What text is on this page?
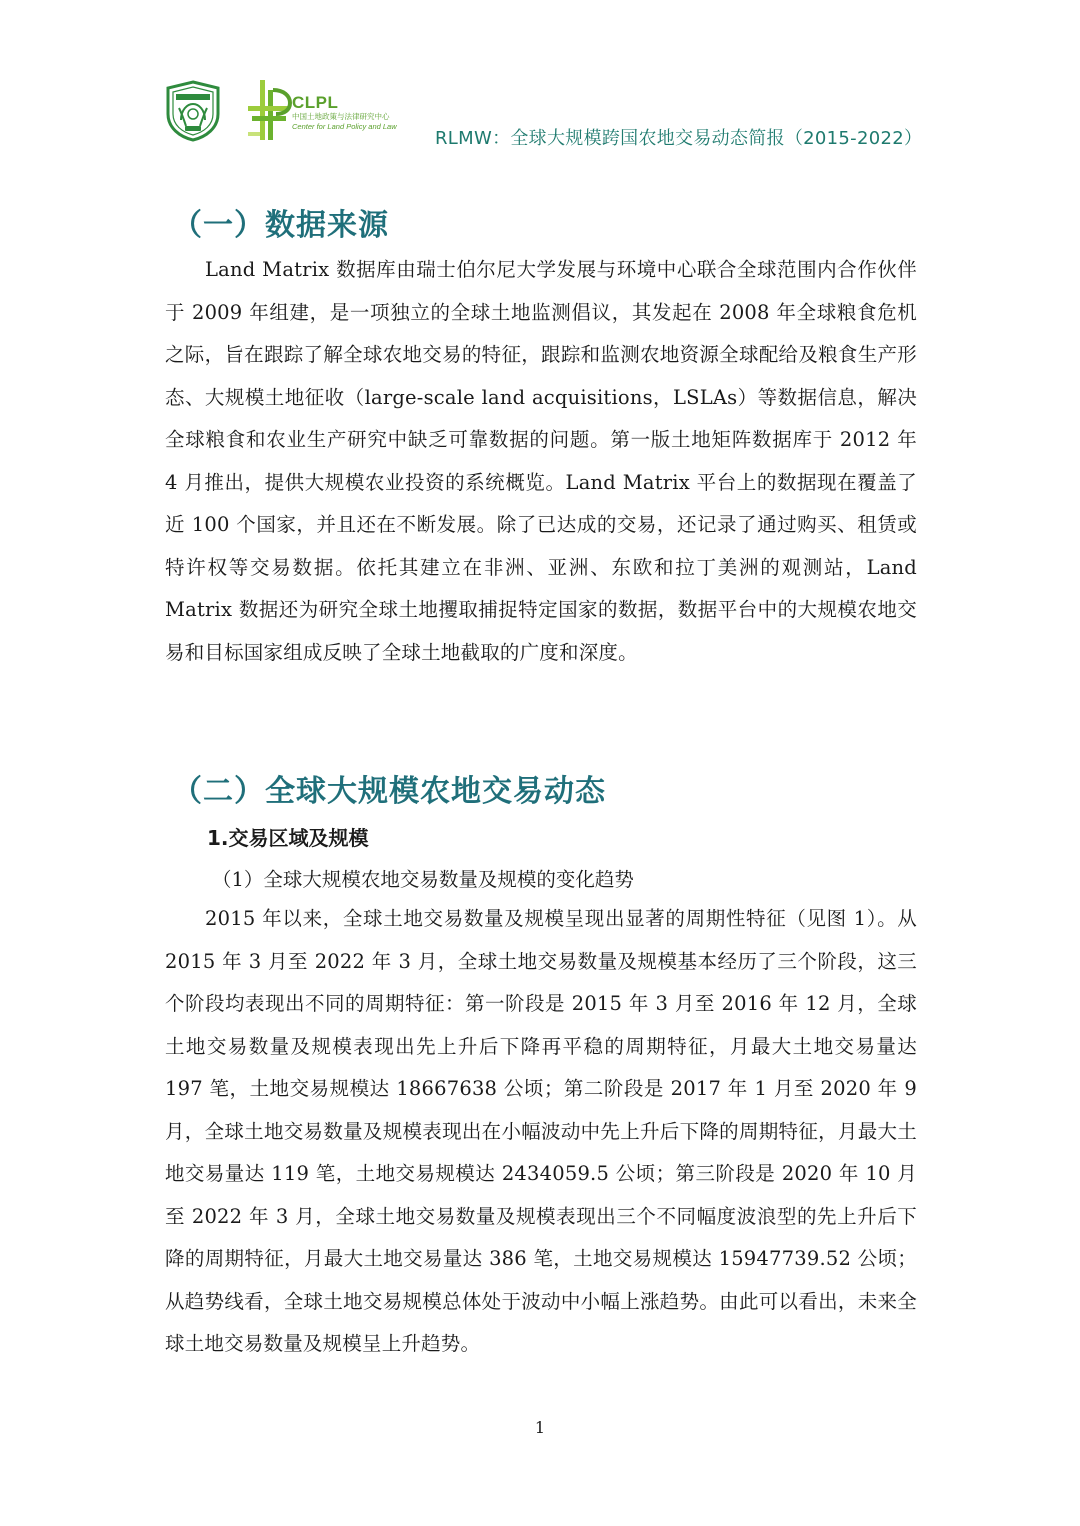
CLPL
中国土地政策与法律研究中心
Center for Land Policy and Law
RLMW：全球大规模跨国农地交易动态简报（2015-2022）
（一）数据来源

Land Matrix 数据库由瑞士伯尔尼大学发展与环境中心联合全球范围内合作伙伴于 2009 年组建，是一项独立的全球土地监测倡议，其发起在 2008 年全球粮食危机之际，旨在跟踪了解全球农地交易的特征，跟踪和监测农地资源全球配给及粮食生产形态、大规模土地征收（large-scale land acquisitions，LSLAs）等数据信息，解决全球粮食和农业生产研究中缺乏可靠数据的问题。第一版土地矩阵数据库于 2012 年 4 月推出，提供大规模农业投资的系统概览。Land Matrix 平台上的数据现在覆盖了近 100 个国家，并且还在不断发展。除了已达成的交易，还记录了通过购买、租赁或特许权等交易数据。依托其建立在非洲、亚洲、东欧和拉丁美洲的观测站，Land Matrix 数据还为研究全球土地攫取捕捉特定国家的数据，数据平台中的大规模农地交易和目标国家组成反映了全球土地截取的广度和深度。

（二）全球大规模农地交易动态
1.交易区域及规模
（1）全球大规模农地交易数量及规模的变化趋势

2015 年以来，全球土地交易数量及规模呈现出显著的周期性特征（见图 1）。从 2015 年 3 月至 2022 年 3 月，全球土地交易数量及规模基本经历了三个阶段，这三个阶段均表现出不同的周期特征：第一阶段是 2015 年 3 月至 2016 年 12 月，全球土地交易数量及规模表现出先上升后下降再平稳的周期特征，月最大土地交易量达 197 笔，土地交易规模达 18667638 公顷；第二阶段是 2017 年 1 月至 2020 年 9 月，全球土地交易数量及规模表现出在小幅波动中先上升后下降的周期特征，月最大土地交易量达 119 笔，土地交易规模达 2434059.5 公顷；第三阶段是 2020 年 10 月至 2022 年 3 月，全球土地交易数量及规模表现出三个不同幅度波浪型的先上升后下降的周期特征，月最大土地交易量达 386 笔，土地交易规模达 15947739.52 公顷；从趋势线看，全球土地交易规模总体处于波动中小幅上涨趋势。由此可以看出，未来全球土地交易数量及规模呈上升趋势。

1
